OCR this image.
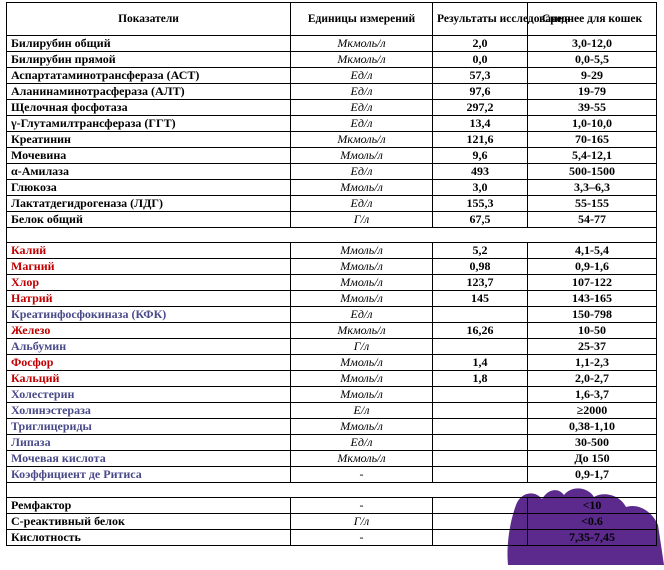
Показатели	Единицы измерений	Результаты исследования	Среднее для кошек
Билирубин общий	Мкмоль/л	2,0	3,0-12,0
Билирубин прямой	Мкмоль/л	0,0	0,0-5,5
Аспартатаминотрансфераза (АСТ)	Ед/л	57,3	9-29
Аланинаминотрасфераза (АЛТ)	Ед/л	97,6	19-79
Щелочная фосфотаза	Ед/л	297,2	39-55
γ-Глутамилтрансфераза (ГГТ)	Ед/л	13,4	1,0-10,0
Креатинин	Мкмоль/л	121,6	70-165
Мочевина	Ммоль/л	9,6	5,4-12,1
α-Амилаза	Ед/л	493	500-1500
Глюкоза	Ммоль/л	3,0	3,3–6,3
Лактатдегидрогеназа (ЛДГ)	Ед/л	155,3	55-155
Белок общий	Г/л	67,5	54-77

Калий	Ммоль/л	5,2	4,1-5,4
Магний	Ммоль/л	0,98	0,9-1,6
Хлор	Ммоль/л	123,7	107-122
Натрий	Ммоль/л	145	143-165
Креатинфосфокиназа (КФК)	Ед/л		150-798
Железо	Мкмоль/л	16,26	10-50
Альбумин	Г/л		25-37
Фосфор	Ммоль/л	1,4	1,1-2,3
Кальций	Ммоль/л	1,8	2,0-2,7
Холестерин	Ммоль/л		1,6-3,7
Холинэстераза	Е/л		≥2000
Триглицериды	Ммоль/л		0,38-1,10
Липаза	Ед/л		30-500
Мочевая кислота	Мкмоль/л		До 150
Коэффициент де Ритиса	-		0,9-1,7

Ремфактор	-		<10
С-реактивный белок	Г/л		<0.6
Кислотность	-		7,35-7,45
